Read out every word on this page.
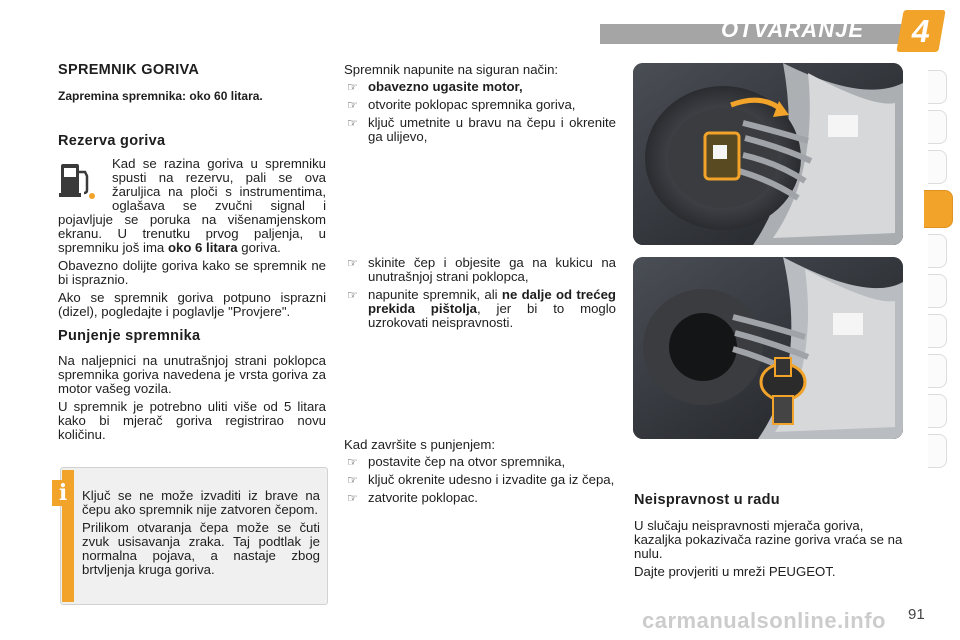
OTVARANJE	4
SPREMNIK GORIVA

Zapremina spremnika: oko 60 litara.

Rezerva goriva

Kad se razina goriva u spremniku spusti na rezervu, pali se ova žaruljica na ploči s instrumentima, oglašava se zvučni signal i pojavljuje se poruka na višenamjenskom ekranu. U trenutku prvog paljenja, u spremniku još ima oko 6 litara goriva.

Obavezno dolijte goriva kako se spremnik ne bi ispraznio.

Ako se spremnik goriva potpuno isprazni (dizel), pogledajte i poglavlje "Provjere".

Punjenje spremnika

Na naljepnici na unutrašnjoj strani poklopca spremnika goriva navedena je vrsta goriva za motor vašeg vozila.

U spremnik je potrebno uliti više od 5 litara kako bi mjerač goriva registrirao novu količinu.

i	Ključ se ne može izvaditi iz brave na čepu ako spremnik nije zatvoren čepom.

Prilikom otvaranja čepa može se čuti zvuk usisavanja zraka. Taj podtlak je normalna pojava, a nastaje zbog brtvljenja kruga goriva.

Spremnik napunite na siguran način:

☞ obavezno ugasite motor,
☞ otvorite poklopac spremnika goriva,
☞ ključ umetnite u bravu na čepu i okrenite ga ulijevo,
☞ skinite čep i objesite ga na kukicu na unutrašnjoj strani poklopca,
☞ napunite spremnik, ali ne dalje od trećeg prekida pištolja, jer bi to moglo uzrokovati neispravnosti.

Kad završite s punjenjem:

☞ postavite čep na otvor spremnika,
☞ ključ okrenite udesno i izvadite ga iz čepa,
☞ zatvorite poklopac.	Neispravnost u radu

U slučaju neispravnosti mjerača goriva, kazaljka pokazivača razine goriva vraća se na nulu.

Dajte provjeriti u mreži PEUGEOT.

91
carmanualsonline.info
